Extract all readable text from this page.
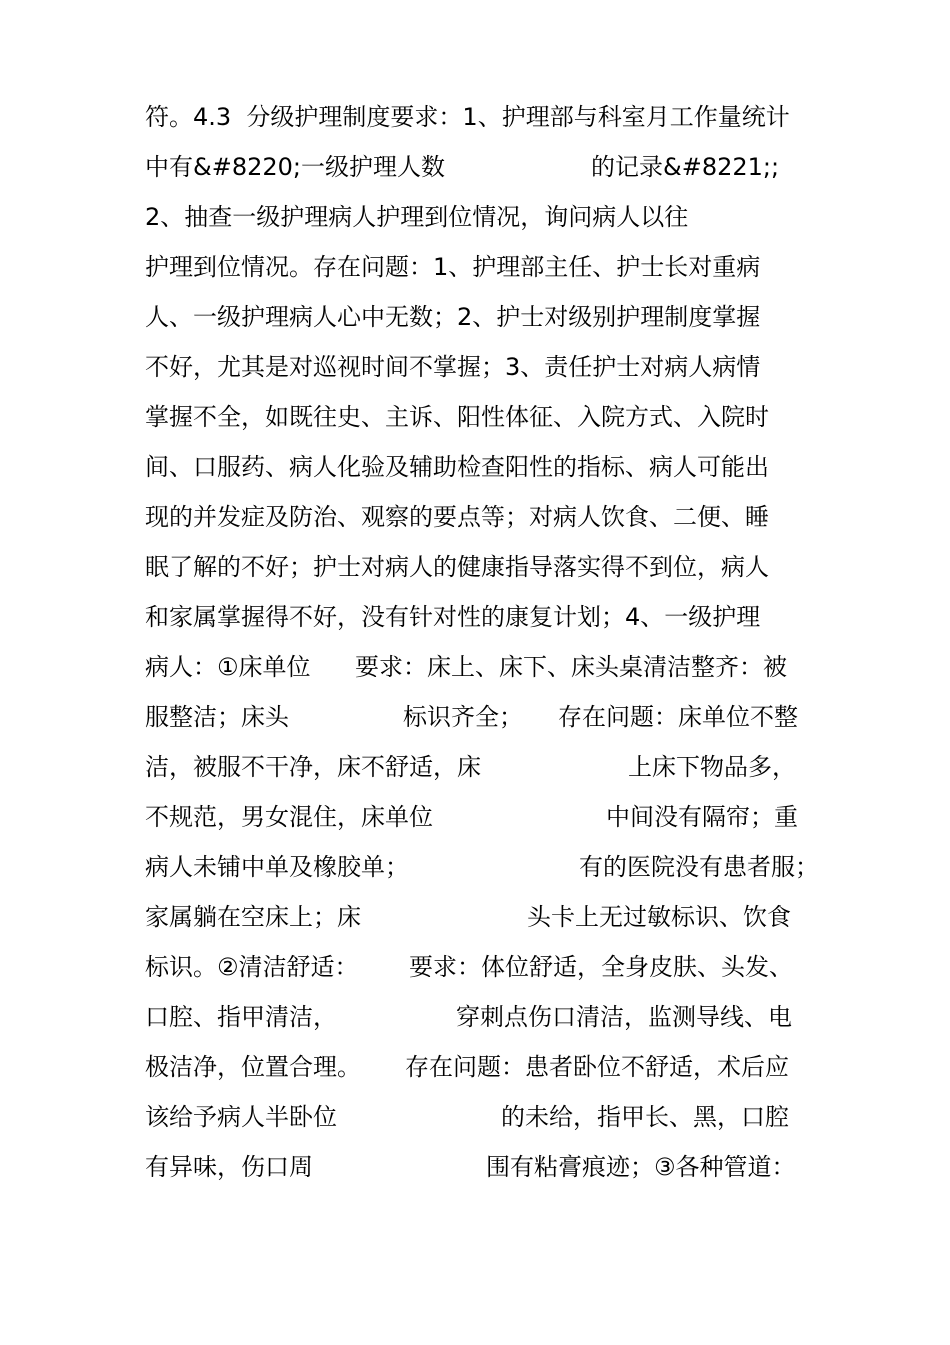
符。4.3  分级护理制度要求：1、护理部与科室月工作量统计

中有&#8220;一级护理人数

	的记录&#8221;;

2、抽查一级护理病人护理到位情况，询问病人以往

护理到位情况。存在问题：1、护理部主任、护士长对重病

人、一级护理病人心中无数；2、护士对级别护理制度掌握

不好，尤其是对巡视时间不掌握；3、责任护士对病人病情

掌握不全，如既往史、主诉、阳性体征、入院方式、入院时

间、口服药、病人化验及辅助检查阳性的指标、病人可能出

现的并发症及防治、观察的要点等；对病人饮食、二便、睡

眠了解的不好；护士对病人的健康指导落实得不到位，病人

和家属掌握得不好，没有针对性的康复计划；4、一级护理

病人：①床单位

要求：床上、床下、床头桌清洁整齐：被

服整洁；床头

	标识齐全；

存在问题：床单位不整

洁，被服不干净，床不舒适，床

	上床下物品多，

不规范，男女混住，床单位

	中间没有隔帘；重

病人未铺中单及橡胶单；

	有的医院没有患者服；

家属躺在空床上；床

	头卡上无过敏标识、饮食

标识。②清洁舒适：

要求：体位舒适，全身皮肤、头发、

口腔、指甲清洁，

	穿刺点伤口清洁，监测导线、电

极洁净，位置合理。

存在问题：患者卧位不舒适，术后应

该给予病人半卧位

	的未给，指甲长、黑，口腔

有异味，伤口周

	围有粘膏痕迹；③各种管道：
